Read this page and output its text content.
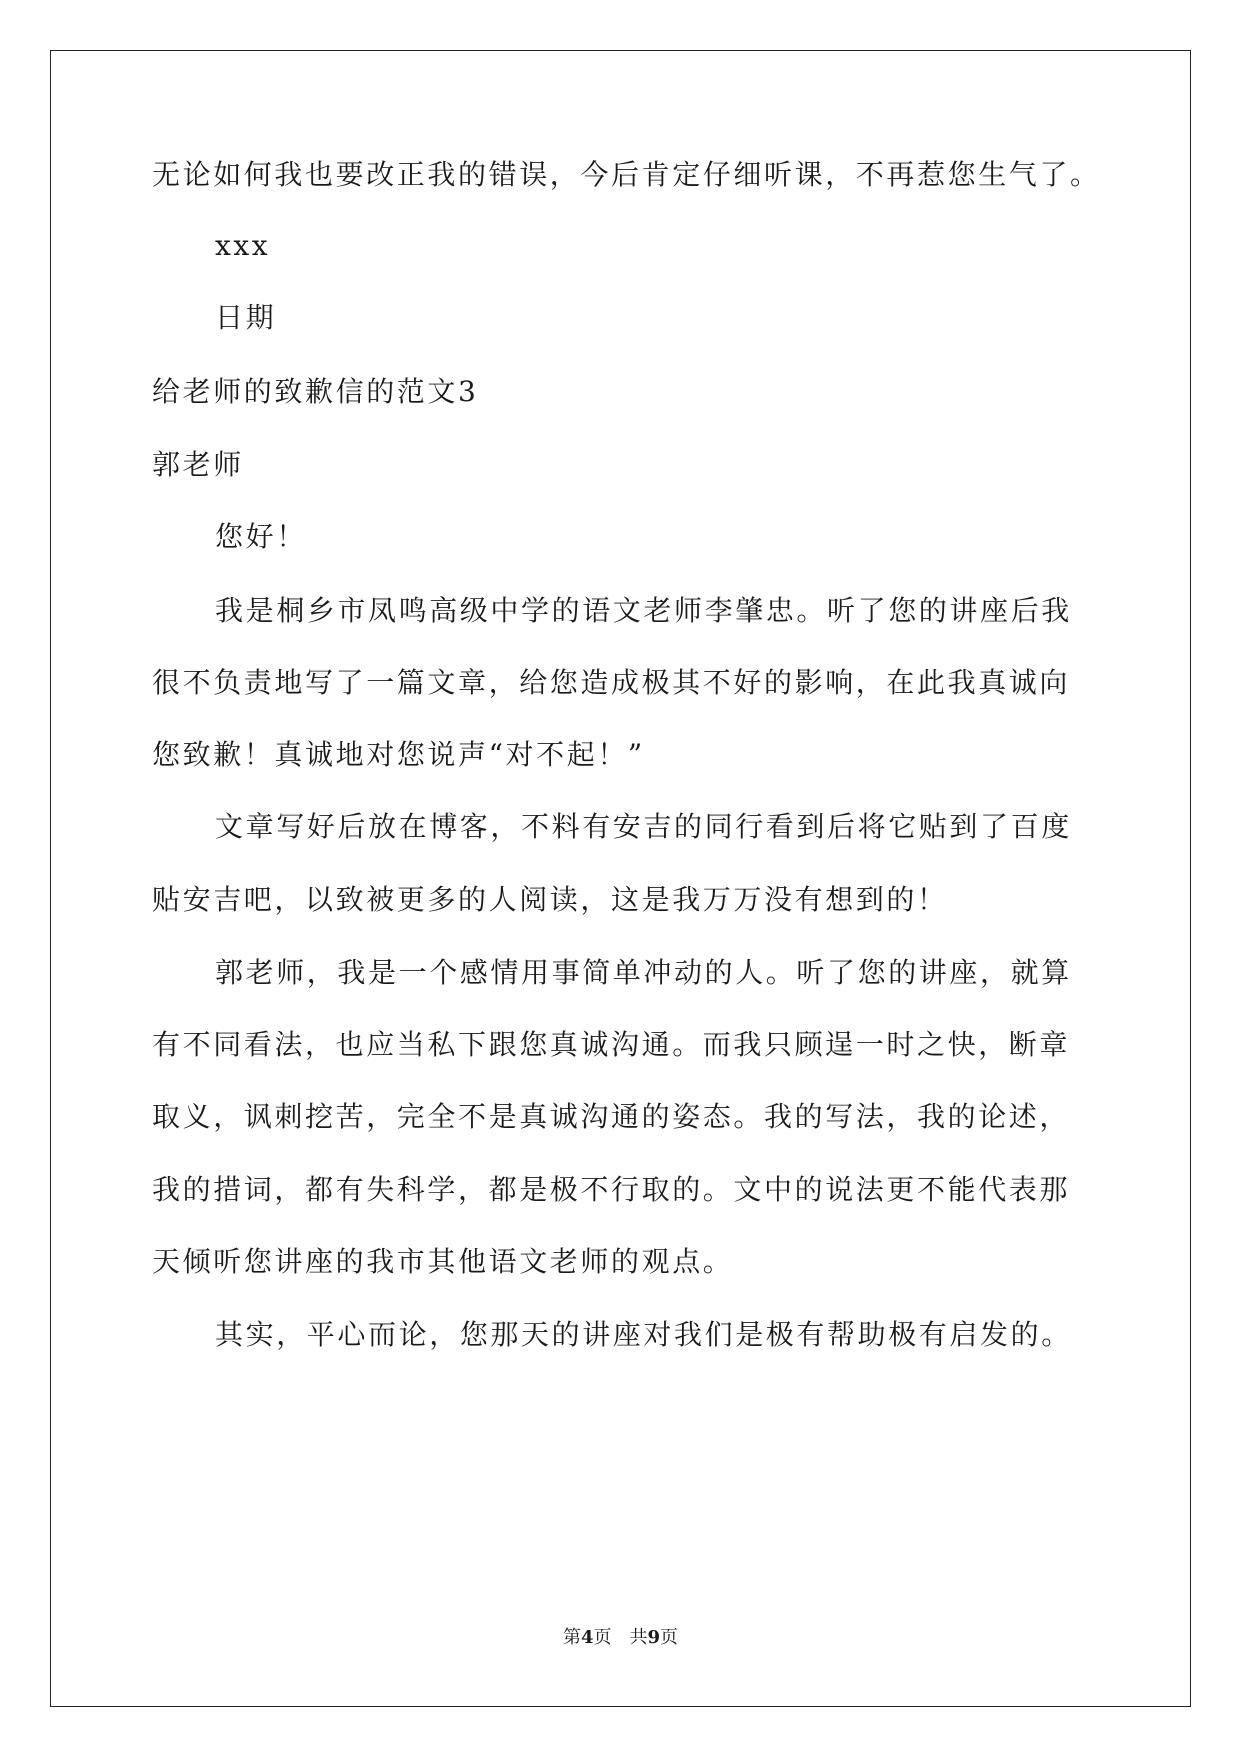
无论如何我也要改正我的错误，今后肯定仔细听课，不再惹您生气了。
xxx
日期
给老师的致歉信的范文3
郭老师
您好！
我是桐乡市凤鸣高级中学的语文老师李肇忠。听了您的讲座后我
很不负责地写了一篇文章，给您造成极其不好的影响，在此我真诚向
您致歉！真诚地对您说声“对不起！”
文章写好后放在博客，不料有安吉的同行看到后将它贴到了百度
贴安吉吧，以致被更多的人阅读，这是我万万没有想到的！
郭老师，我是一个感情用事简单冲动的人。听了您的讲座，就算
有不同看法，也应当私下跟您真诚沟通。而我只顾逞一时之快，断章
取义，讽刺挖苦，完全不是真诚沟通的姿态。我的写法，我的论述，
我的措词，都有失科学，都是极不行取的。文中的说法更不能代表那
天倾听您讲座的我市其他语文老师的观点。
其实，平心而论，您那天的讲座对我们是极有帮助极有启发的。
第4页　共9页
